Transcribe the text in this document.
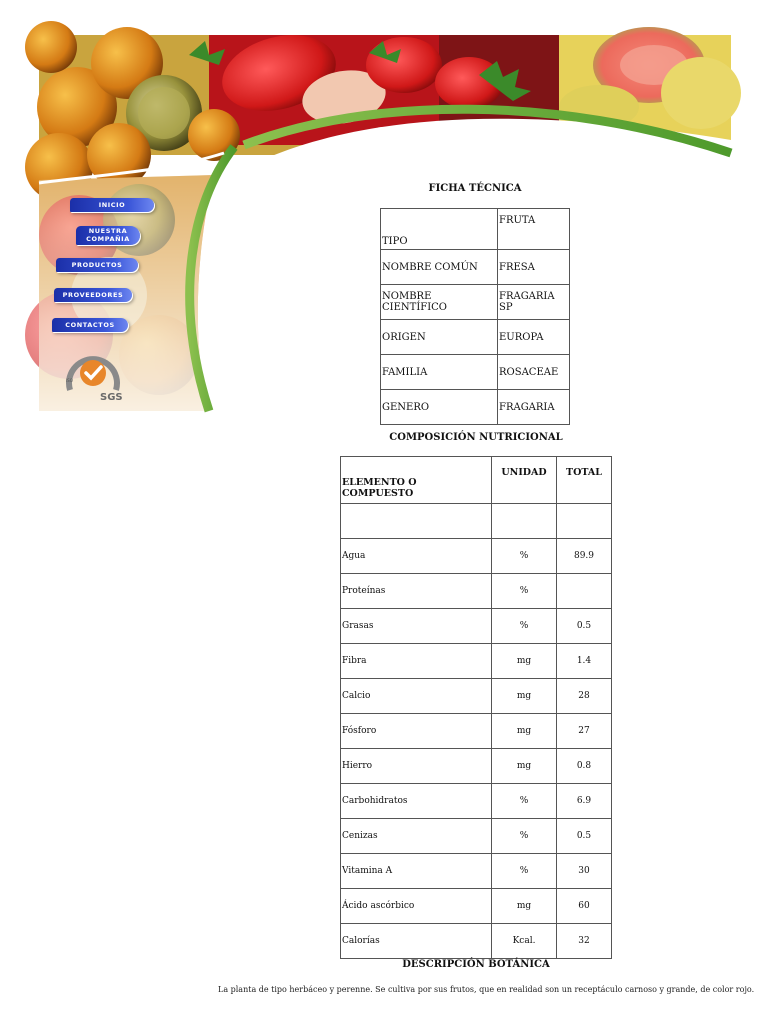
INICIO
NUESTRA
COMPAÑIA
PRODUCTOS
PROVEEDORES
CONTACTOS
ISO
SGS
FICHA TÉCNICA
TIPO	FRUTA
NOMBRE COMÚN	FRESA
NOMBRE CIENTÍFICO	FRAGARIA SP
ORIGEN	EUROPA
FAMILIA	ROSACEAE
GENERO	FRAGARIA
COMPOSICIÓN NUTRICIONAL
ELEMENTO O COMPUESTO	UNIDAD	TOTAL

Agua	%	89.9
Proteínas	%	
Grasas	%	0.5
Fibra	mg	1.4
Calcio	mg	28
Fósforo	mg	27
Hierro	mg	0.8
Carbohidratos	%	6.9
Cenizas	%	0.5
Vitamina A	%	30
Ácido ascórbico	mg	60
Calorías	Kcal.	32
DESCRIPCIÓN BOTÁNICA
La planta de tipo herbáceo y perenne. Se cultiva por sus frutos, que en realidad son un receptáculo carnoso y grande, de color rojo.
